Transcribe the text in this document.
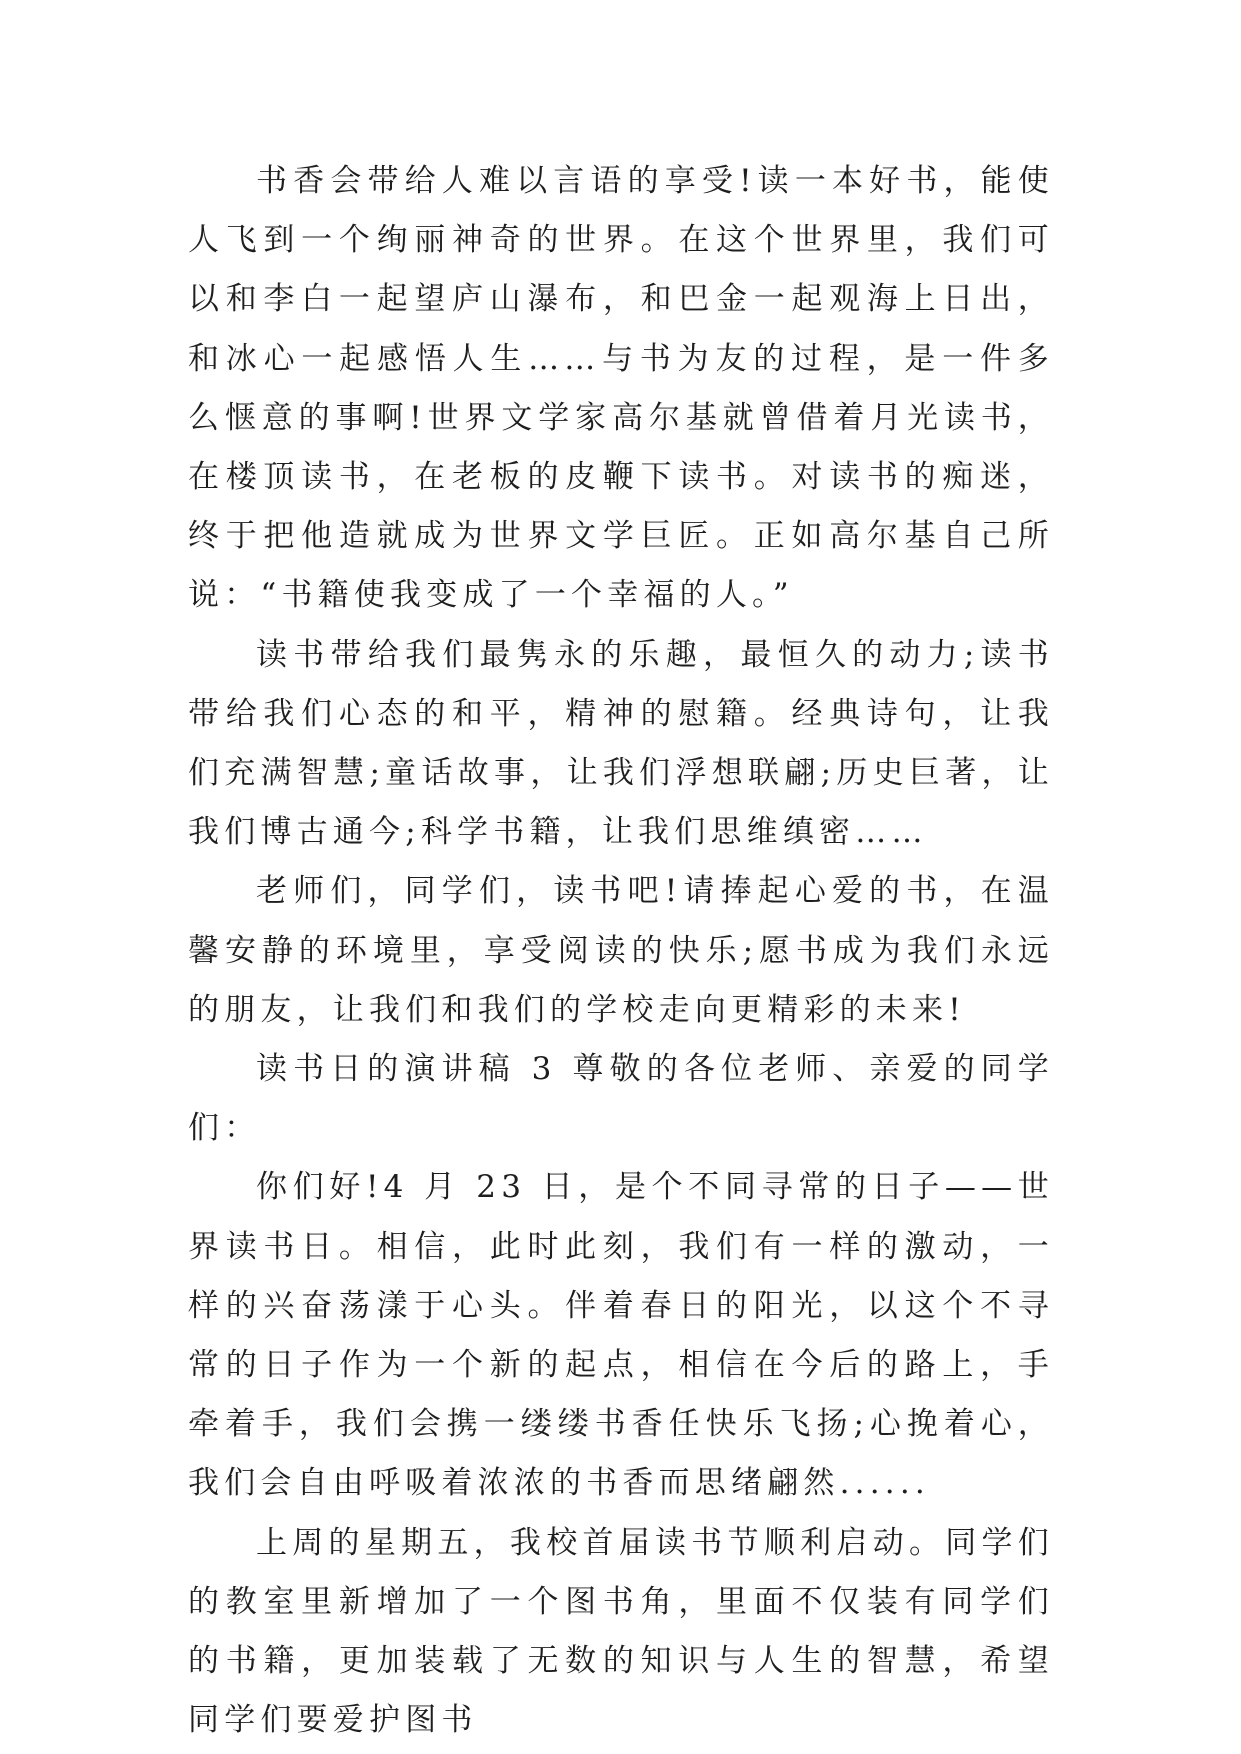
书香会带给人难以言语的享受!读一本好书，能使人飞到一个绚丽神奇的世界。在这个世界里，我们可以和李白一起望庐山瀑布，和巴金一起观海上日出，和冰心一起感悟人生……与书为友的过程，是一件多么惬意的事啊!世界文学家高尔基就曾借着月光读书，在楼顶读书，在老板的皮鞭下读书。对读书的痴迷，终于把他造就成为世界文学巨匠。正如高尔基自己所说：“书籍使我变成了一个幸福的人。”

读书带给我们最隽永的乐趣，最恒久的动力;读书带给我们心态的和平，精神的慰籍。经典诗句，让我们充满智慧;童话故事，让我们浮想联翩;历史巨著，让我们博古通今;科学书籍，让我们思维缜密……

老师们，同学们，读书吧!请捧起心爱的书，在温馨安静的环境里，享受阅读的快乐;愿书成为我们永远的朋友，让我们和我们的学校走向更精彩的未来!

读书日的演讲稿 3 尊敬的各位老师、亲爱的同学们：

你们好!4 月 23 日，是个不同寻常的日子——世界读书日。相信，此时此刻，我们有一样的激动，一样的兴奋荡漾于心头。伴着春日的阳光，以这个不寻常的日子作为一个新的起点，相信在今后的路上，手牵着手，我们会携一缕缕书香任快乐飞扬;心挽着心，我们会自由呼吸着浓浓的书香而思绪翩然......

上周的星期五，我校首届读书节顺利启动。同学们的教室里新增加了一个图书角，里面不仅装有同学们的书籍，更加装载了无数的知识与人生的智慧，希望同学们要爱护图书
